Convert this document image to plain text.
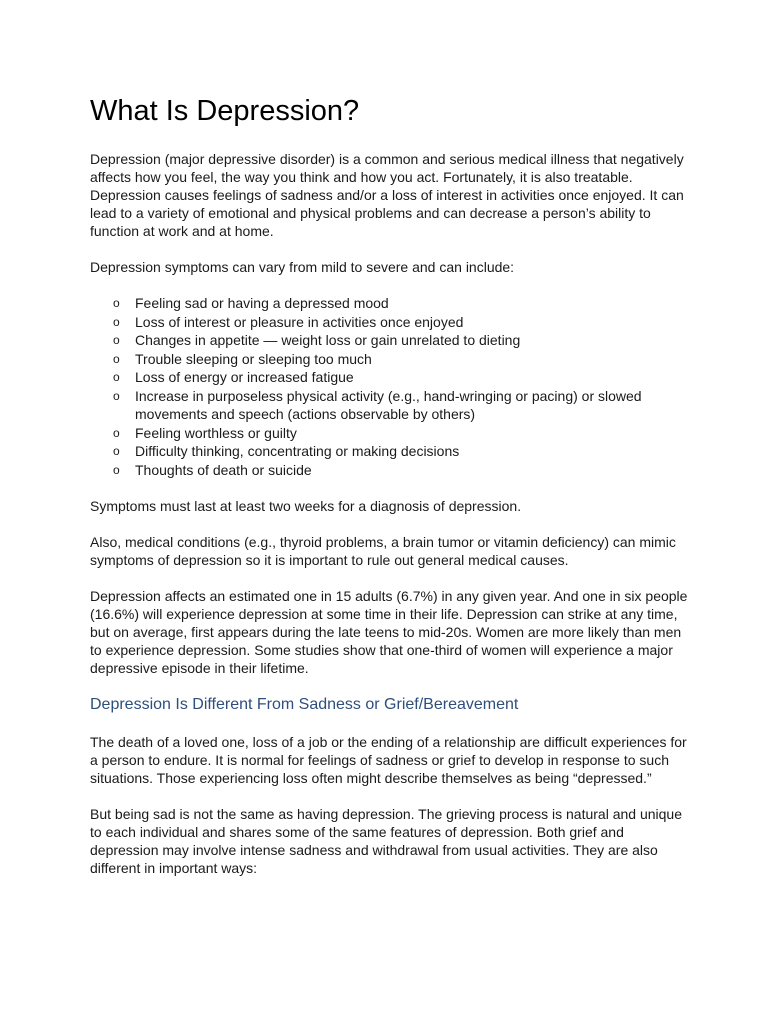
What Is Depression?

Depression (major depressive disorder) is a common and serious medical illness that negatively affects how you feel, the way you think and how you act. Fortunately, it is also treatable. Depression causes feelings of sadness and/or a loss of interest in activities once enjoyed. It can lead to a variety of emotional and physical problems and can decrease a person’s ability to function at work and at home.

Depression symptoms can vary from mild to severe and can include:

o Feeling sad or having a depressed mood
o Loss of interest or pleasure in activities once enjoyed
o Changes in appetite — weight loss or gain unrelated to dieting
o Trouble sleeping or sleeping too much
o Loss of energy or increased fatigue
o Increase in purposeless physical activity (e.g., hand-wringing or pacing) or slowed movements and speech (actions observable by others)
o Feeling worthless or guilty
o Difficulty thinking, concentrating or making decisions
o Thoughts of death or suicide

Symptoms must last at least two weeks for a diagnosis of depression.

Also, medical conditions (e.g., thyroid problems, a brain tumor or vitamin deficiency) can mimic symptoms of depression so it is important to rule out general medical causes.

Depression affects an estimated one in 15 adults (6.7%) in any given year. And one in six people (16.6%) will experience depression at some time in their life. Depression can strike at any time, but on average, first appears during the late teens to mid-20s. Women are more likely than men to experience depression. Some studies show that one-third of women will experience a major depressive episode in their lifetime.

Depression Is Different From Sadness or Grief/Bereavement

The death of a loved one, loss of a job or the ending of a relationship are difficult experiences for a person to endure. It is normal for feelings of sadness or grief to develop in response to such situations. Those experiencing loss often might describe themselves as being “depressed.”

But being sad is not the same as having depression. The grieving process is natural and unique to each individual and shares some of the same features of depression. Both grief and depression may involve intense sadness and withdrawal from usual activities. They are also different in important ways:
